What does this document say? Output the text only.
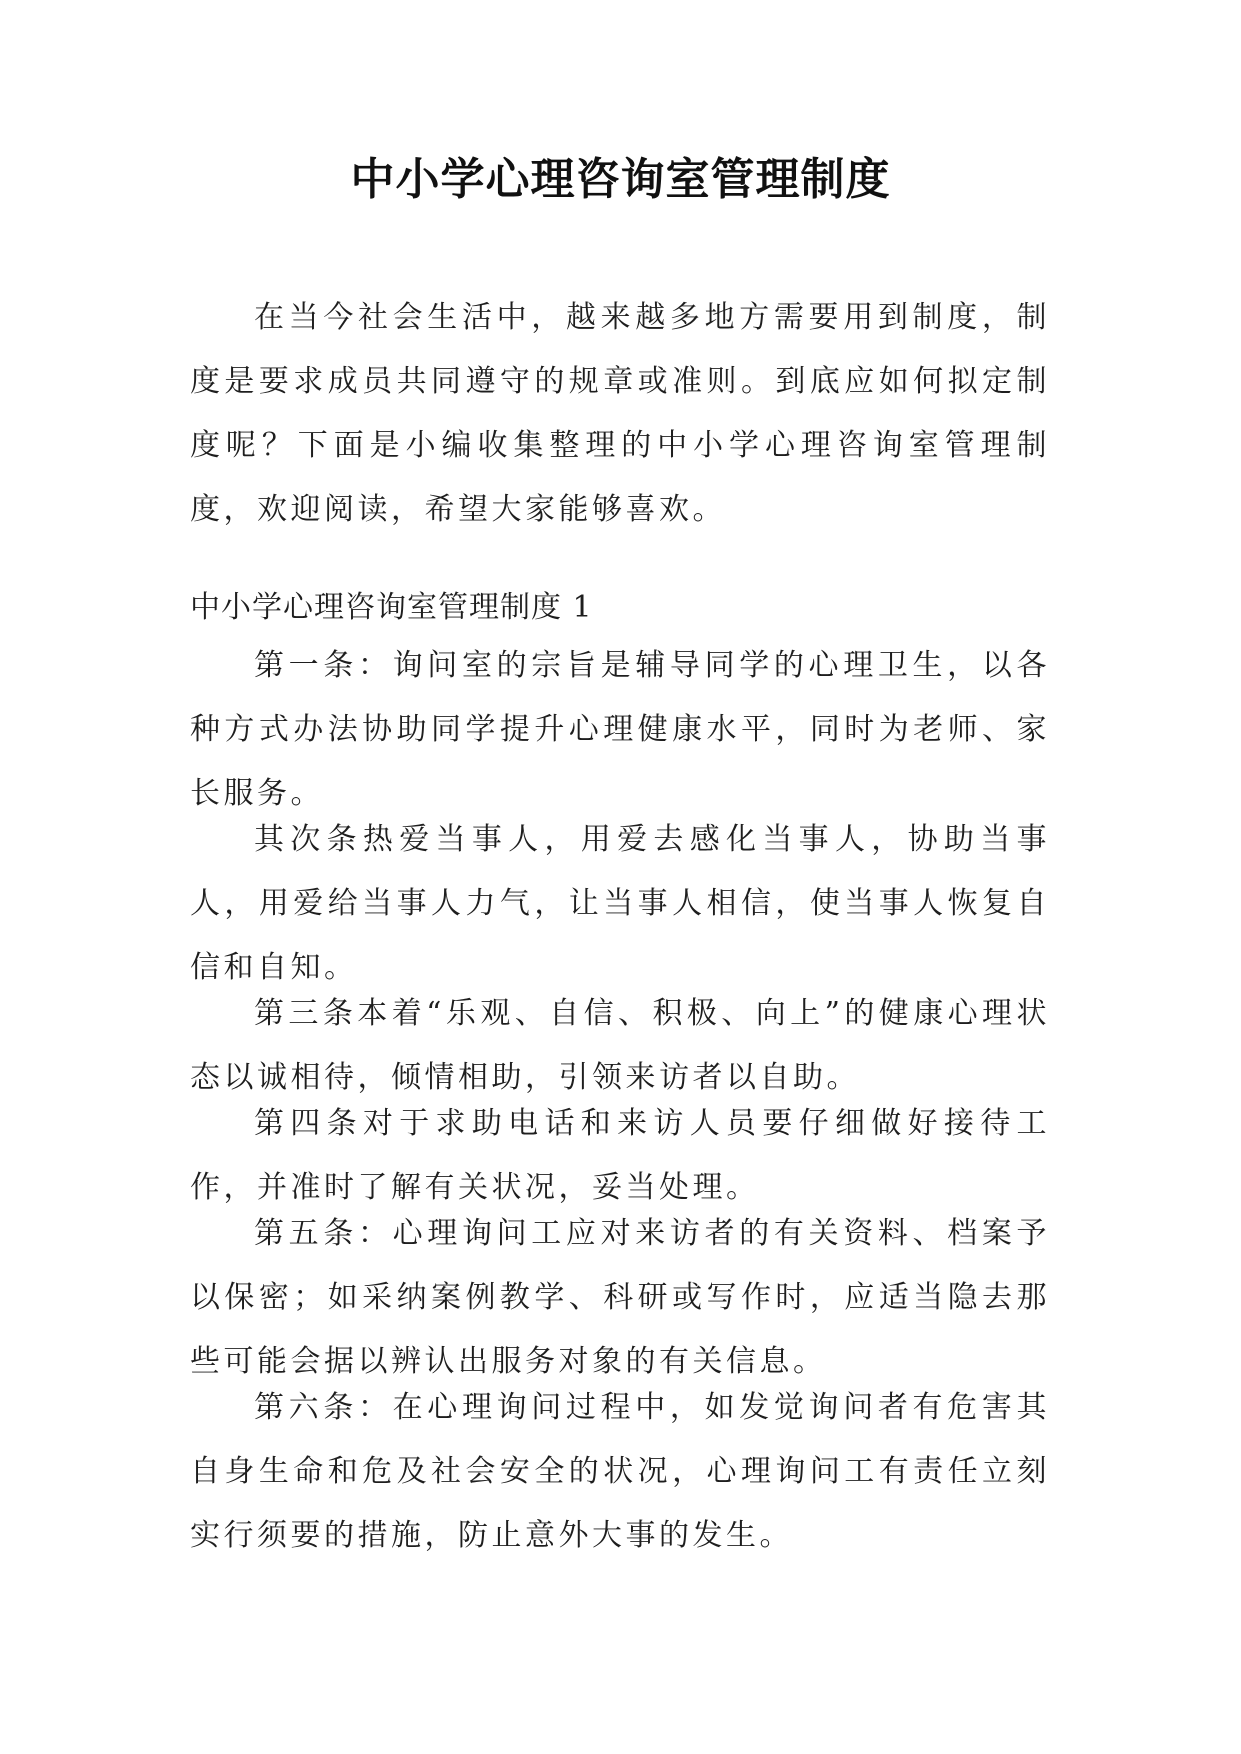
中小学心理咨询室管理制度

在当今社会生活中，越来越多地方需要用到制度，制度是要求成员共同遵守的规章或准则。到底应如何拟定制度呢？下面是小编收集整理的中小学心理咨询室管理制度，欢迎阅读，希望大家能够喜欢。

中小学心理咨询室管理制度 1

第一条：询问室的宗旨是辅导同学的心理卫生，以各种方式办法协助同学提升心理健康水平，同时为老师、家长服务。

其次条热爱当事人，用爱去感化当事人，协助当事人，用爱给当事人力气，让当事人相信，使当事人恢复自信和自知。

第三条本着“乐观、自信、积极、向上”的健康心理状态以诚相待，倾情相助，引领来访者以自助。

第四条对于求助电话和来访人员要仔细做好接待工作，并准时了解有关状况，妥当处理。

第五条：心理询问工应对来访者的有关资料、档案予以保密；如采纳案例教学、科研或写作时，应适当隐去那些可能会据以辨认出服务对象的有关信息。

第六条：在心理询问过程中，如发觉询问者有危害其自身生命和危及社会安全的状况，心理询问工有责任立刻实行须要的措施，防止意外大事的发生。
